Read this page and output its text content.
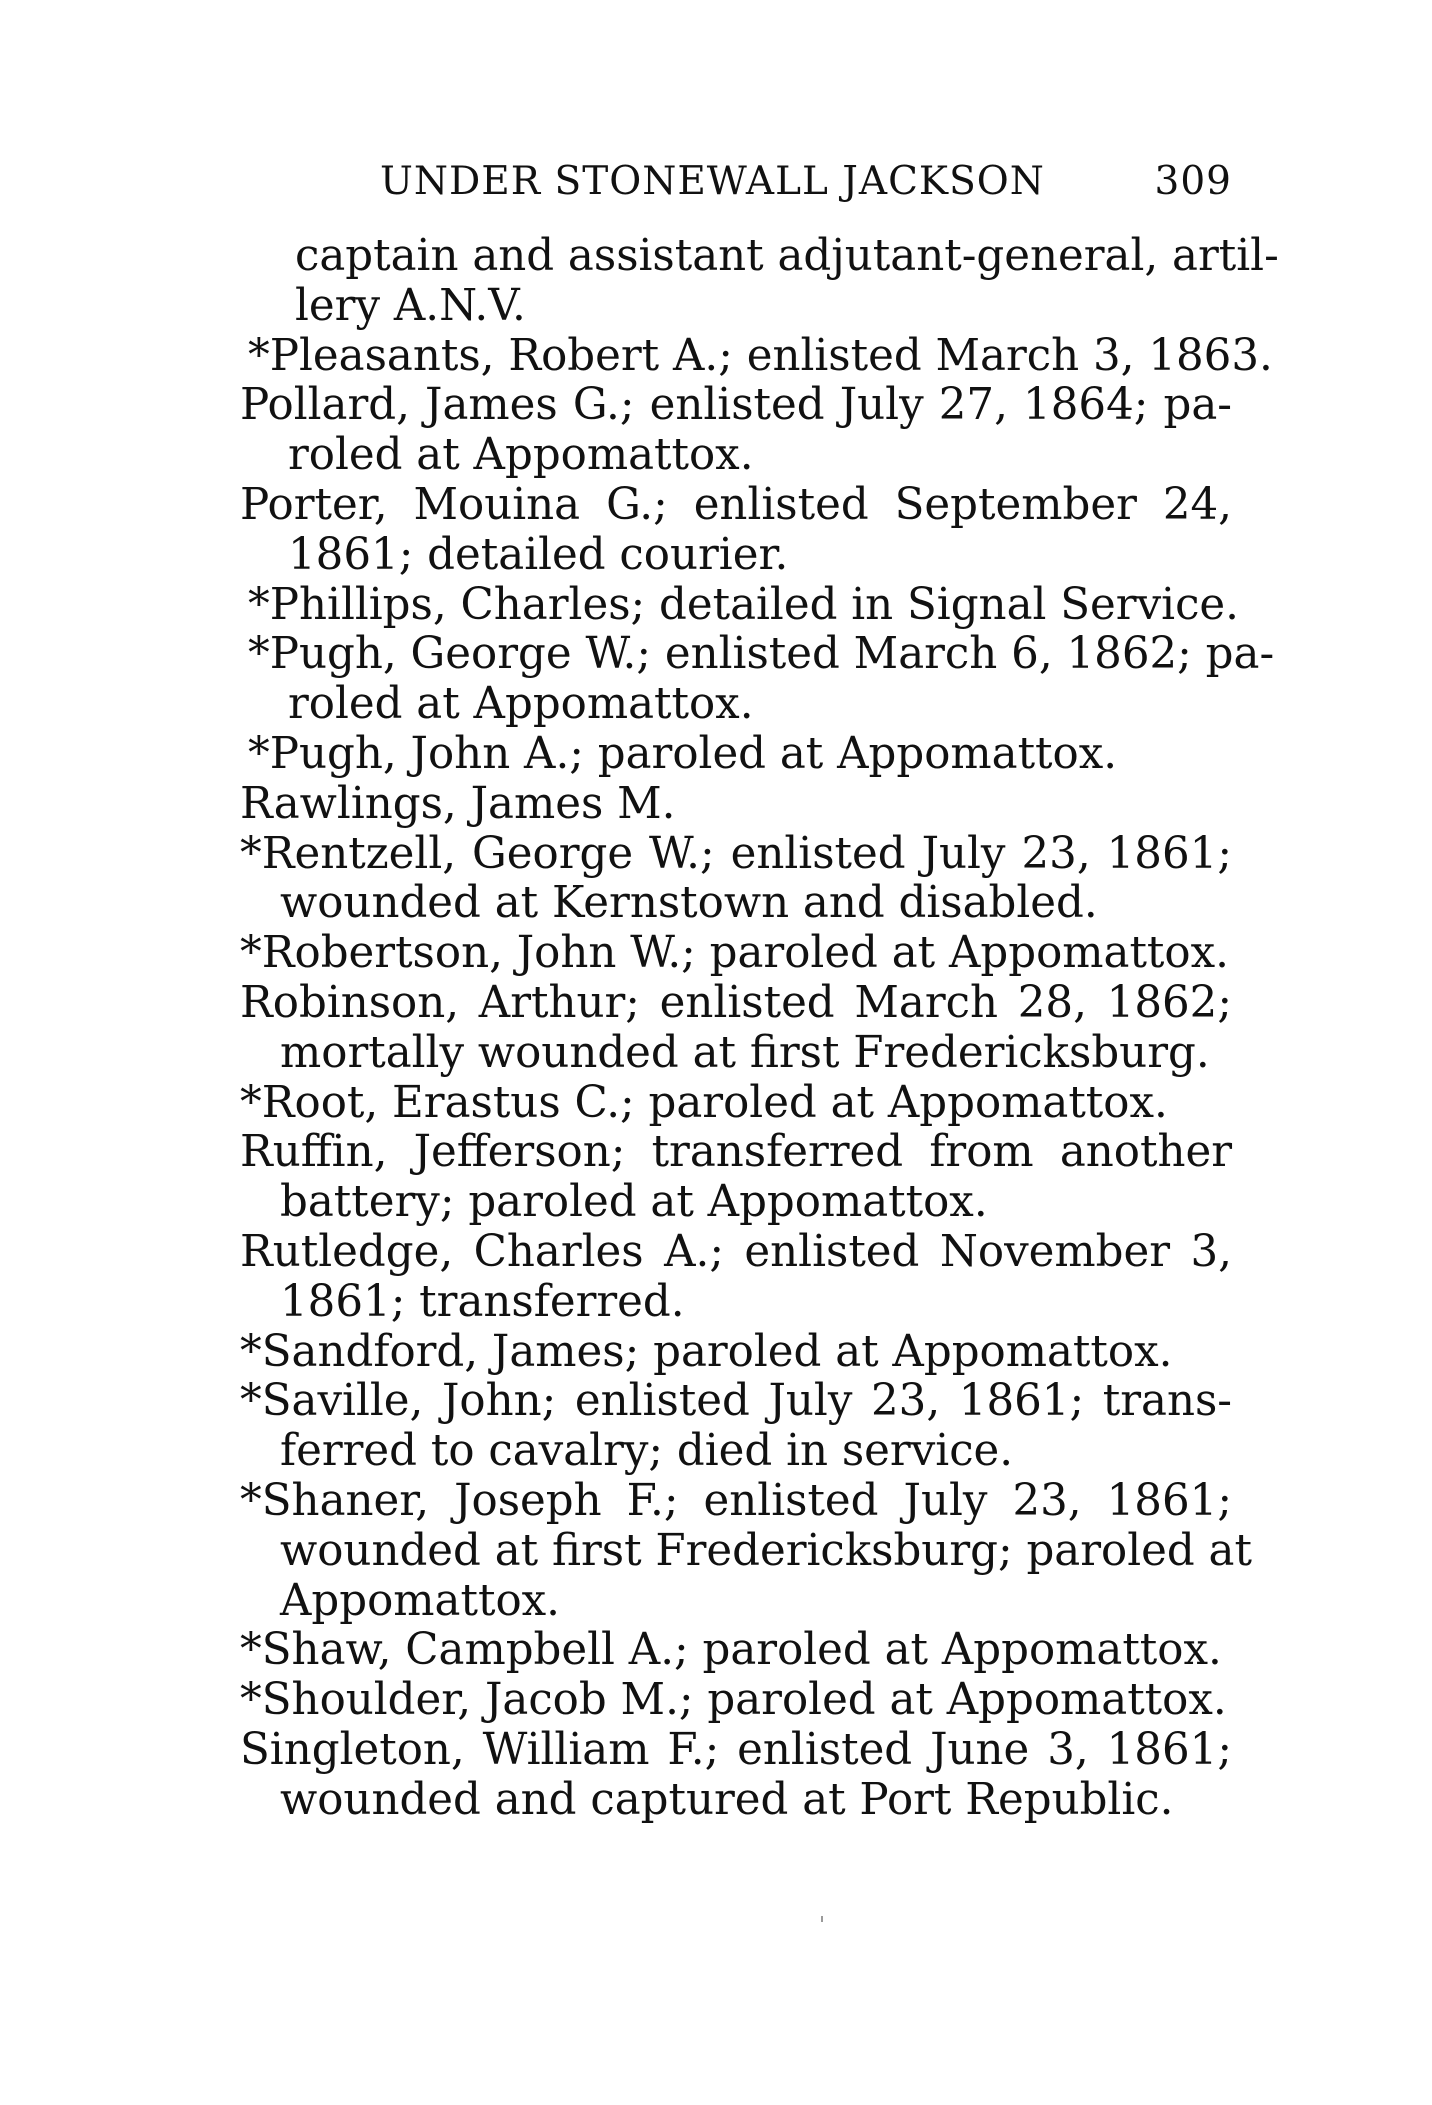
UNDER STONEWALL JACKSON	309
captain and assistant adjutant-general, artil-
lery A.N.V.
*Pleasants, Robert A.; enlisted March 3, 1863.
Pollard, James G.; enlisted July 27, 1864; pa-
roled at Appomattox.
Porter, Mouina G.; enlisted September 24,
1861; detailed courier.
*Phillips, Charles; detailed in Signal Service.
*Pugh, George W.; enlisted March 6, 1862; pa-
roled at Appomattox.
*Pugh, John A.; paroled at Appomattox.
Rawlings, James M.
*Rentzell, George W.; enlisted July 23, 1861;
wounded at Kernstown and disabled.
*Robertson, John W.; paroled at Appomattox.
Robinson, Arthur; enlisted March 28, 1862;
mortally wounded at first Fredericksburg.
*Root, Erastus C.; paroled at Appomattox.
Ruffin, Jefferson; transferred from another
battery; paroled at Appomattox.
Rutledge, Charles A.; enlisted November 3,
1861; transferred.
*Sandford, James; paroled at Appomattox.
*Saville, John; enlisted July 23, 1861; trans-
ferred to cavalry; died in service.
*Shaner, Joseph F.; enlisted July 23, 1861;
wounded at first Fredericksburg; paroled at
Appomattox.
*Shaw, Campbell A.; paroled at Appomattox.
*Shoulder, Jacob M.; paroled at Appomattox.
Singleton, William F.; enlisted June 3, 1861;
wounded and captured at Port Republic.
